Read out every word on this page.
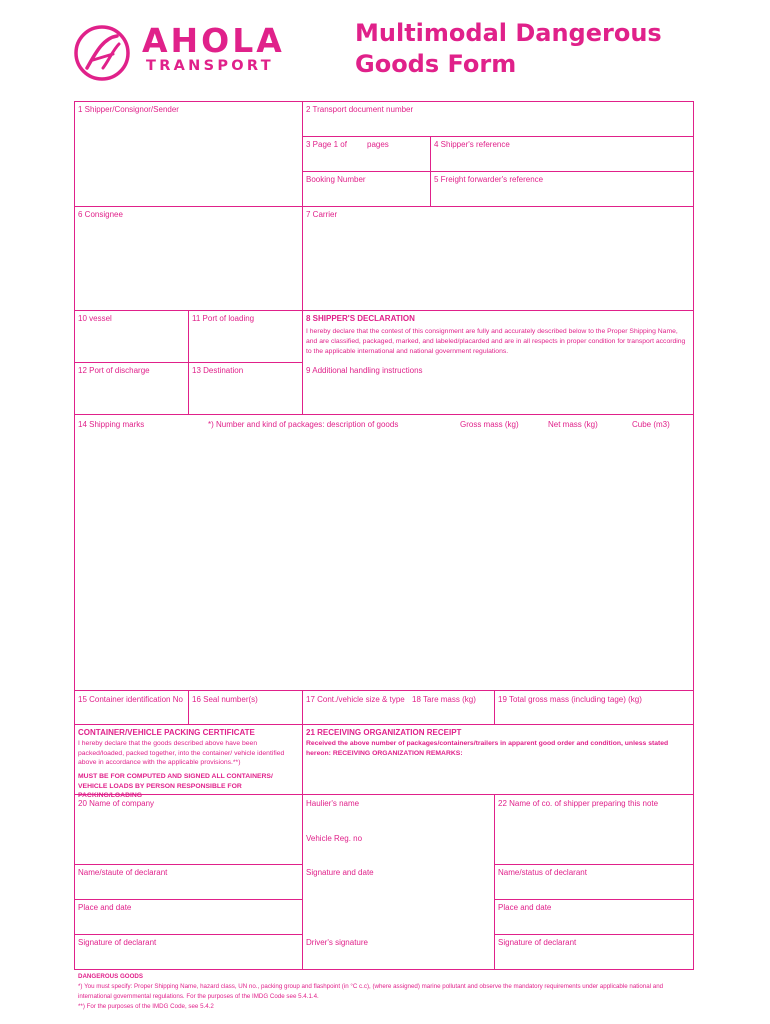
AHOLA
TRANSPORT
Multimodal Dangerous
Goods Form
1 Shipper/Consignor/Sender	2 Transport document number
3 Page 1 of	pages	4 Shipper's reference
Booking Number	5 Freight forwarder's reference
6 Consignee	7 Carrier
10 vessel	11 Port of loading	8 SHIPPER'S DECLARATION
I hereby declare that the contest of this consignment are fully and accurately described below to the Proper Shipping Name, and are classified, packaged, marked, and labeled/placarded and are in all respects in proper condition for transport according to the applicable international and national government regulations.
12 Port of discharge	13 Destination	9 Additional handling instructions
14 Shipping marks	*) Number and kind of packages: description of goods	Gross mass (kg)	Net mass (kg)	Cube (m3)
15 Container identification No 16 Seal number(s)	17 Cont./vehicle size & type 18 Tare mass (kg)	19 Total gross mass (including tage) (kg)
CONTAINER/VEHICLE PACKING CERTIFICATE
I hereby declare that the goods described above have been packed/loaded, packed together, into the container/ vehicle identified above in accordance with the applicable provisions.**)
MUST BE FOR COMPUTED AND SIGNED ALL CONTAINERS/ VEHICLE LOADS BY PERSON RESPONSIBLE FOR PACKING/LOADING
21 RECEIVING ORGANIZATION RECEIPT
Received the above number of packages/containers/trailers in apparent good order and condition, unless stated hereon: RECEIVING ORGANIZATION REMARKS:
20 Name of company	Haulier's name	22 Name of co. of shipper preparing this note
Vehicle Reg. no
Name/staute of declarant	Signature and date	Name/status of declarant
Place and date	Place and date
Signature of declarant	Driver's signature	Signature of declarant
DANGEROUS GOODS
*) You must specify: Proper Shipping Name, hazard class, UN no., packing group and flashpoint (in °C c.c), (where assigned) marine pollutant and observe the mandatory requirements under applicable national and international governmental regulations. For the purposes of the IMDG Code see 5.4.1.4.
**) For the purposes of the IMDG Code, see 5.4.2
